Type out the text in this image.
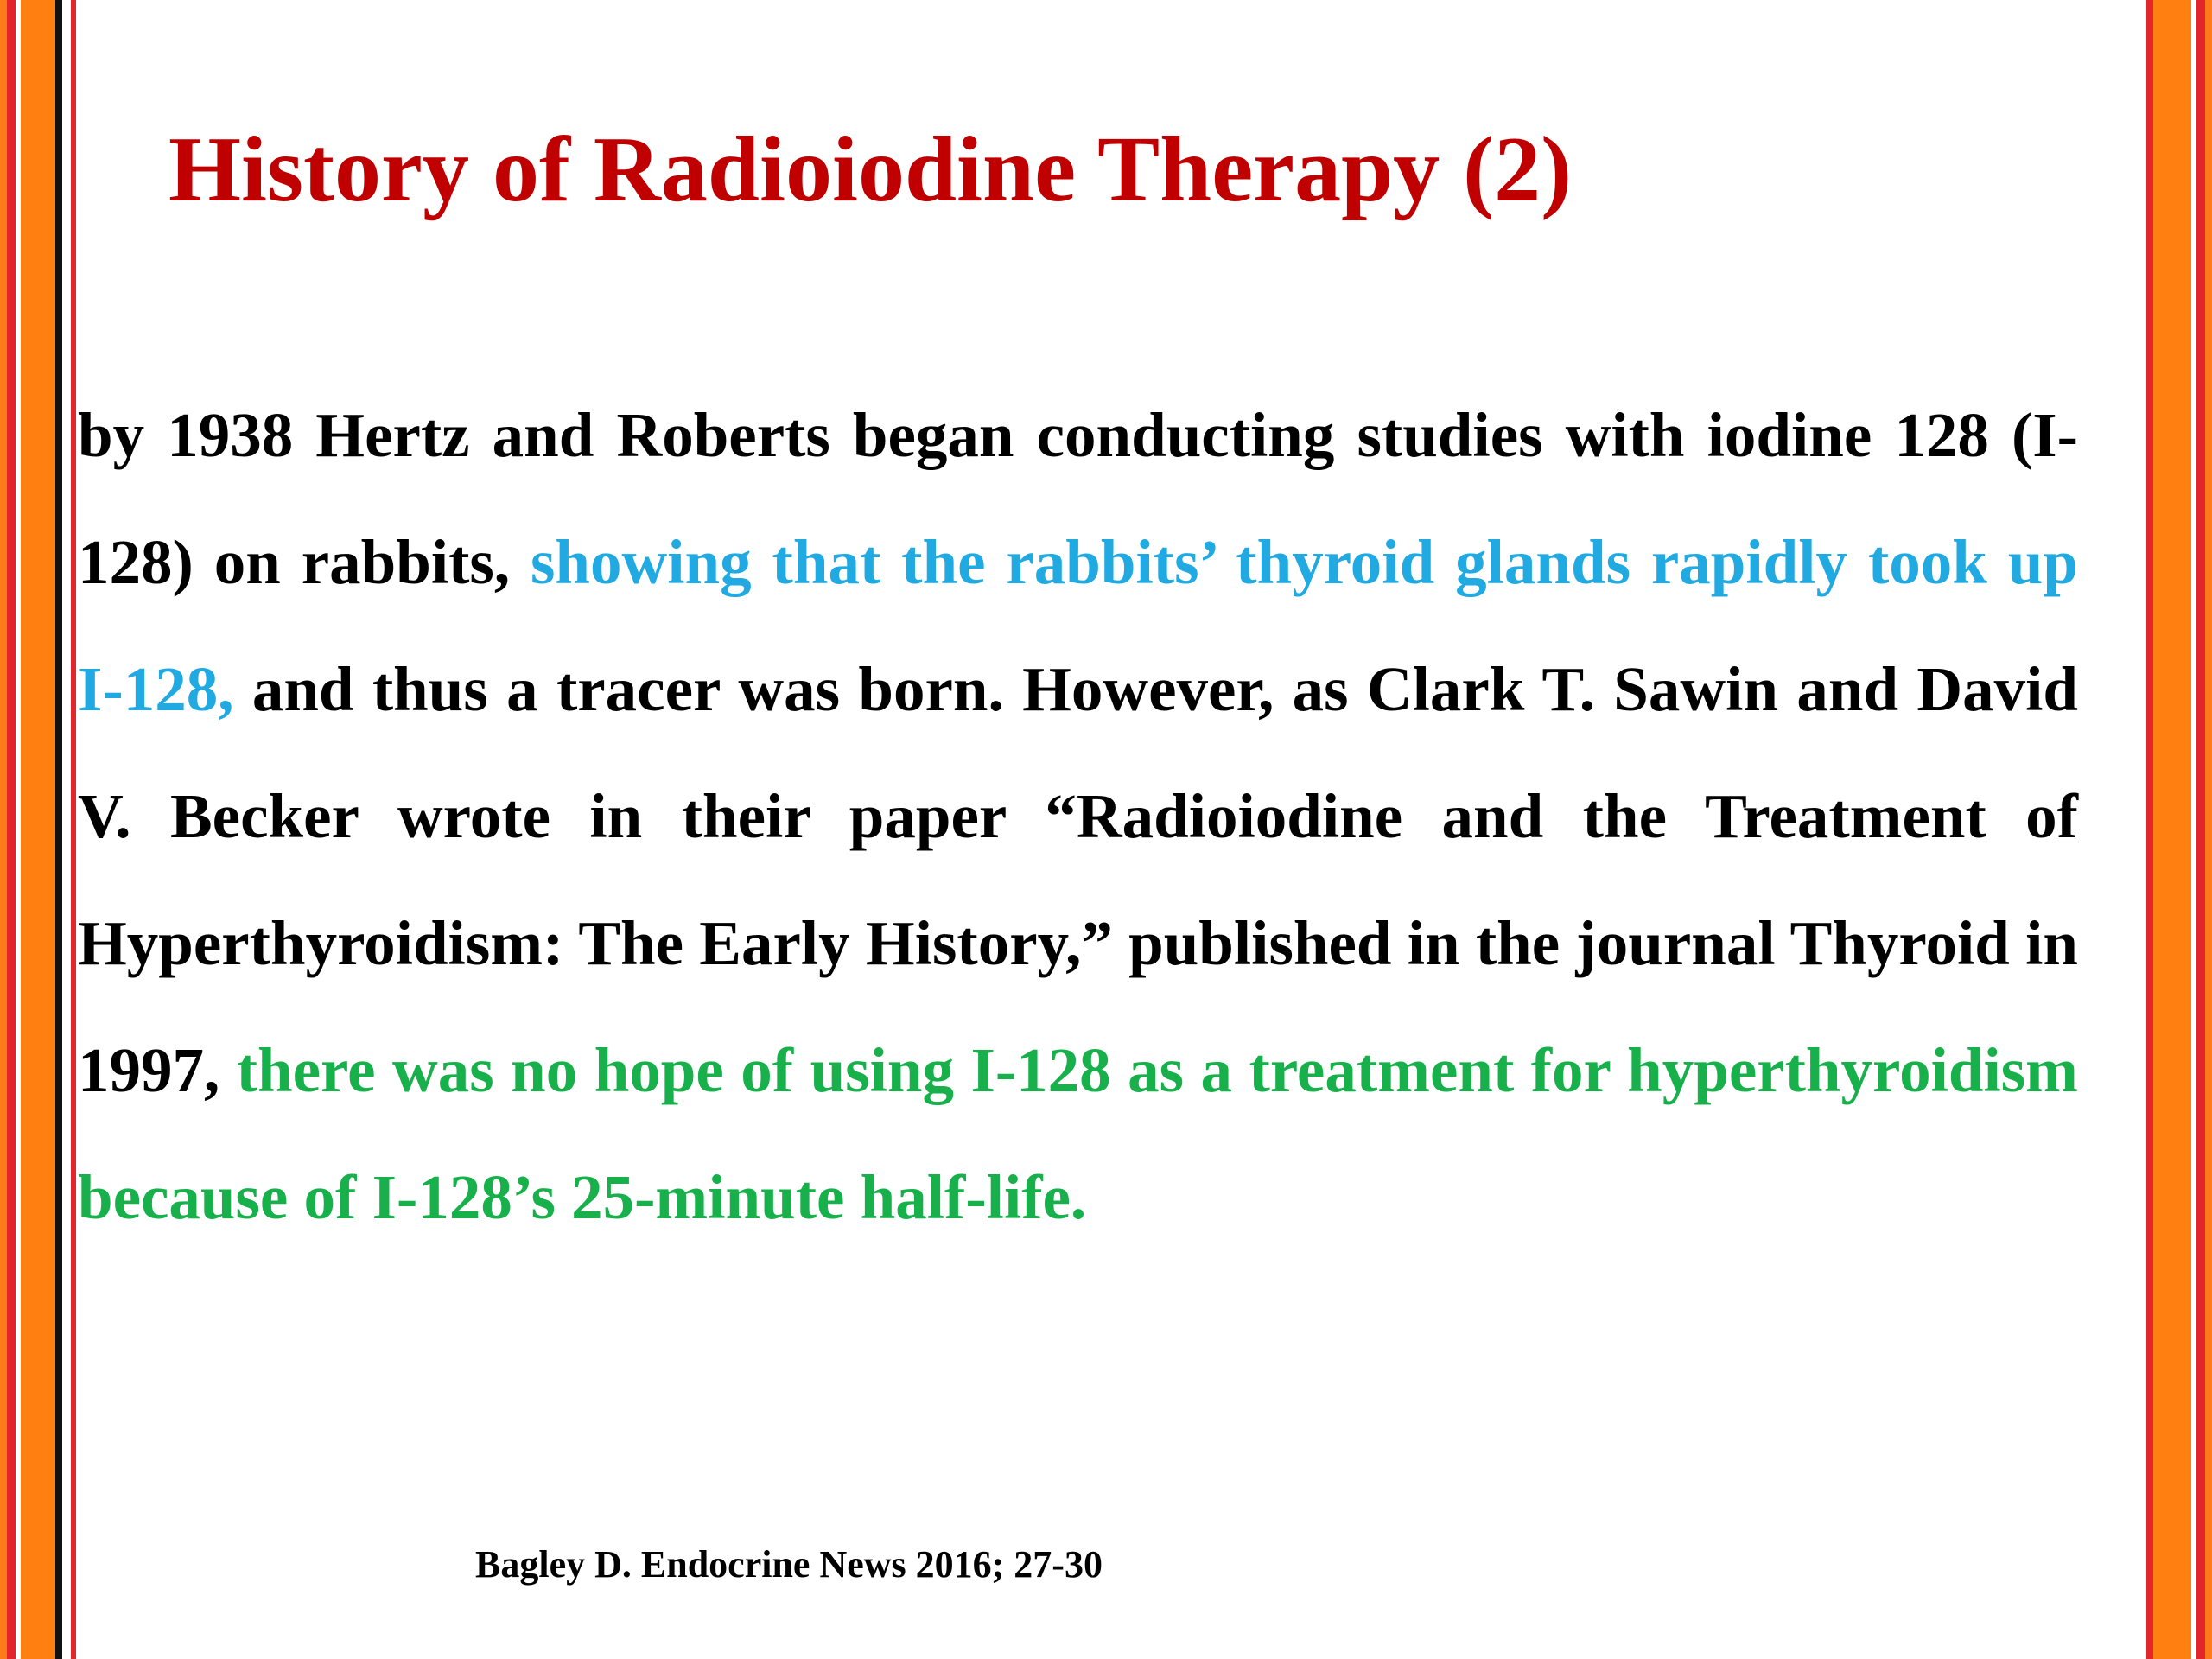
History of Radioiodine Therapy (2)

by 1938 Hertz and Roberts began conducting studies with iodine 128 (I-128) on rabbits, showing that the rabbits’ thyroid glands rapidly took up I-128, and thus a tracer was born. However, as Clark T. Sawin and David V. Becker wrote in their paper “Radioiodine and the Treatment of Hyperthyroidism: The Early History,” published in the journal Thyroid in 1997, there was no hope of using I-128 as a treatment for hyperthyroidism because of I-128’s 25-minute half-life.

Bagley D. Endocrine News 2016; 27-30
